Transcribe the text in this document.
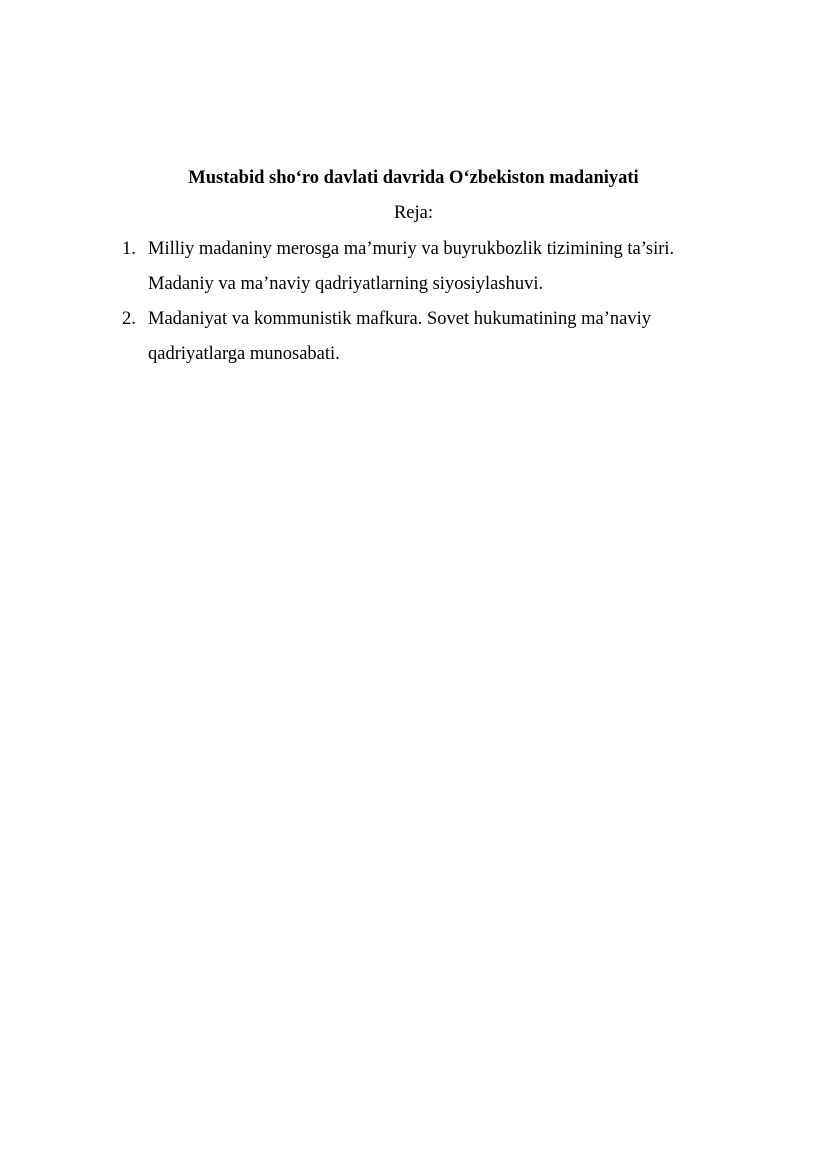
Mustabid sho‘ro davlati davrida O‘zbekiston madaniyati
Reja:
1. Milliy madaniny merosga ma’muriy va buyrukbozlik tizimining ta’siri.
Madaniy va ma’naviy qadriyatlarning siyosiylashuvi.
2. Madaniyat va kommunistik mafkura. Sovet hukumatining ma’naviy
qadriyatlarga munosabati.
